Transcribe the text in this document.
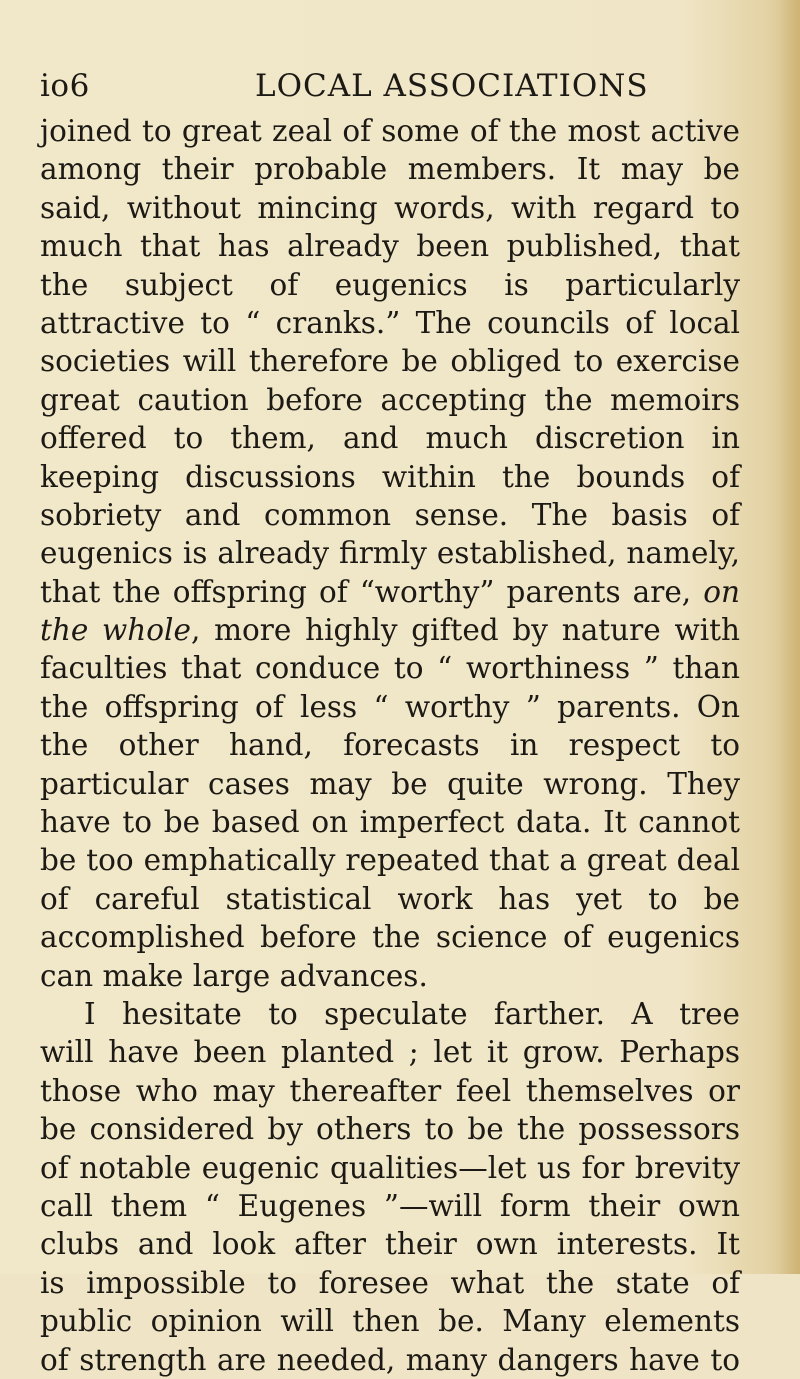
io6	LOCAL ASSOCIATIONS
joined to great zeal of some of the most active
among their probable members. It may be
said, without mincing words, with regard to
much that has already been published, that
the subject of eugenics is particularly
attractive to “ cranks.” The councils of local
societies will therefore be obliged to exercise
great caution before accepting the memoirs
offered to them, and much discretion in
keeping discussions within the bounds of
sobriety and common sense. The basis of
eugenics is already firmly established, namely,
that the offspring of “worthy” parents are, on
the whole, more highly gifted by nature with
faculties that conduce to “ worthiness ” than
the offspring of less “ worthy ” parents. On
the other hand, forecasts in respect to
particular cases may be quite wrong. They
have to be based on imperfect data. It cannot
be too emphatically repeated that a great deal
of careful statistical work has yet to be
accomplished before the science of eugenics
can make large advances.
I hesitate to speculate farther. A tree
will have been planted ; let it grow. Perhaps
those who may thereafter feel themselves or
be considered by others to be the possessors
of notable eugenic qualities—let us for brevity
call them “ Eugenes ”—will form their own
clubs and look after their own interests. It
is impossible to foresee what the state of
public opinion will then be. Many elements
of strength are needed, many dangers have to
